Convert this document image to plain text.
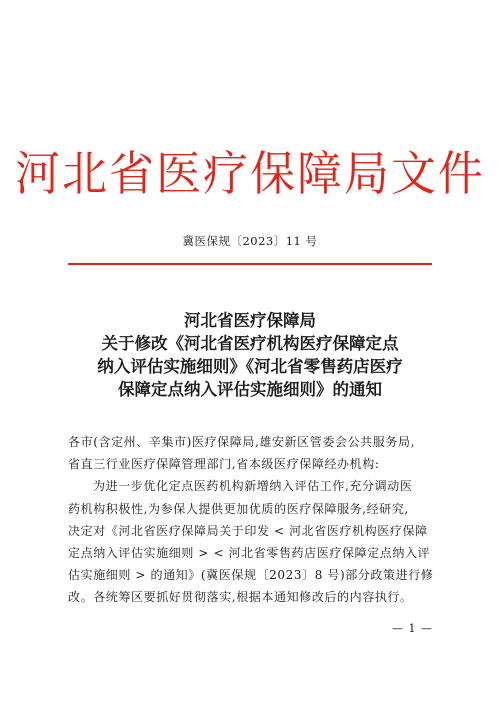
河北省医疗保障局文件
冀医保规〔2023〕11 号
河北省医疗保障局
关于修改《河北省医疗机构医疗保障定点
纳入评估实施细则》《河北省零售药店医疗
保障定点纳入评估实施细则》的通知

各市(含定州、辛集市)医疗保障局,雄安新区管委会公共服务局,

省直三行业医疗保障管理部门,省本级医疗保障经办机构:

为进一步优化定点医药机构新增纳入评估工作,充分调动医

药机构积极性,为参保人提供更加优质的医疗保障服务,经研究,

决定对《河北省医疗保障局关于印发 < 河北省医疗机构医疗保障

定点纳入评估实施细则 > < 河北省零售药店医疗保障定点纳入评

估实施细则 > 的通知》(冀医保规〔2023〕8 号)部分政策进行修

改。各统筹区要抓好贯彻落实,根据本通知修改后的内容执行。

— 1 —
